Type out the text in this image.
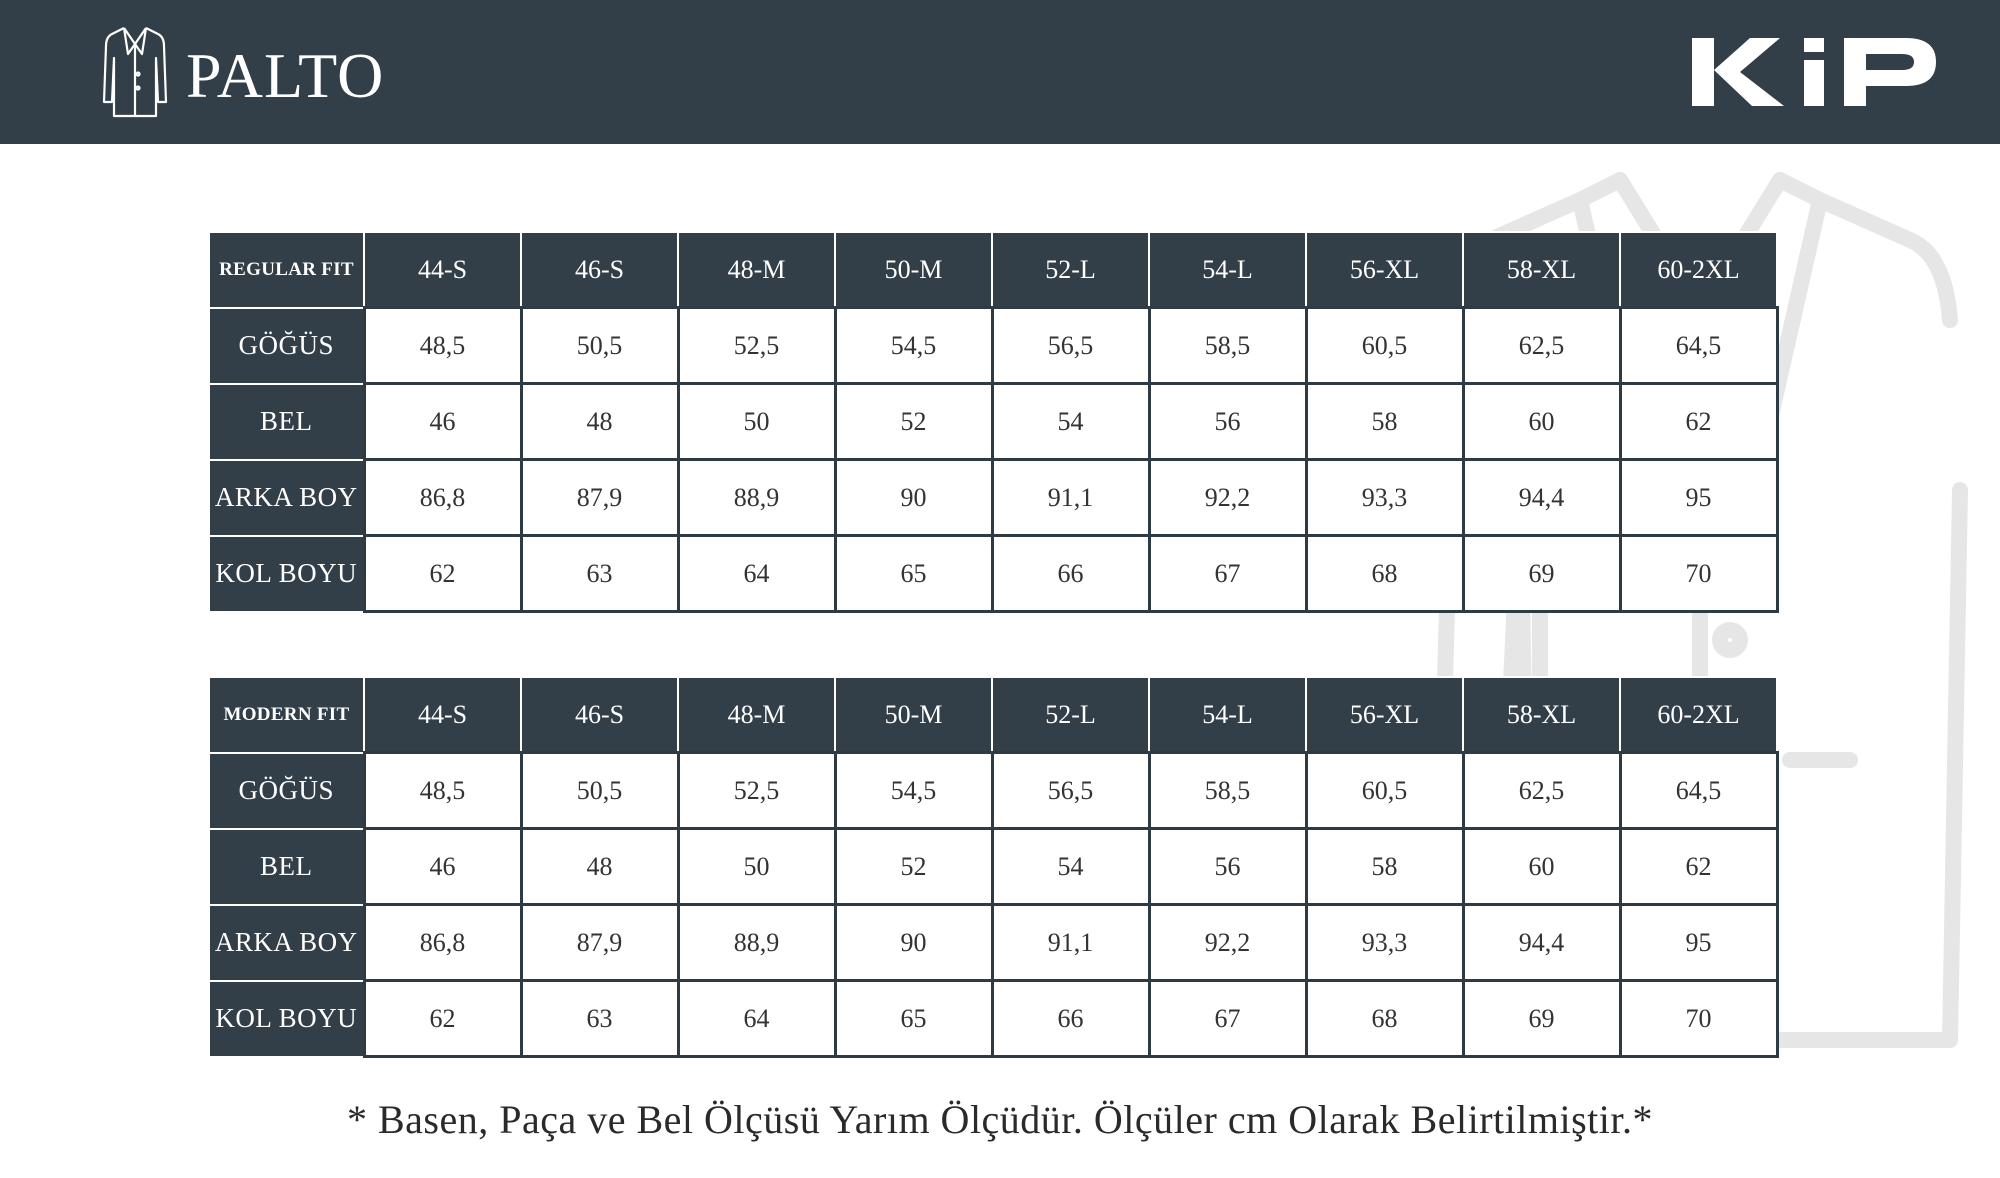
PALTO
REGULAR FIT	44-S	46-S	48-M	50-M	52-L	54-L	56-XL	58-XL	60-2XL
GÖĞÜS	48,5	50,5	52,5	54,5	56,5	58,5	60,5	62,5	64,5
BEL	46	48	50	52	54	56	58	60	62
ARKA BOY	86,8	87,9	88,9	90	91,1	92,2	93,3	94,4	95
KOL BOYU	62	63	64	65	66	67	68	69	70
MODERN FIT	44-S	46-S	48-M	50-M	52-L	54-L	56-XL	58-XL	60-2XL
GÖĞÜS	48,5	50,5	52,5	54,5	56,5	58,5	60,5	62,5	64,5
BEL	46	48	50	52	54	56	58	60	62
ARKA BOY	86,8	87,9	88,9	90	91,1	92,2	93,3	94,4	95
KOL BOYU	62	63	64	65	66	67	68	69	70
* Basen, Paça ve Bel Ölçüsü Yarım Ölçüdür. Ölçüler cm Olarak Belirtilmiştir.*
